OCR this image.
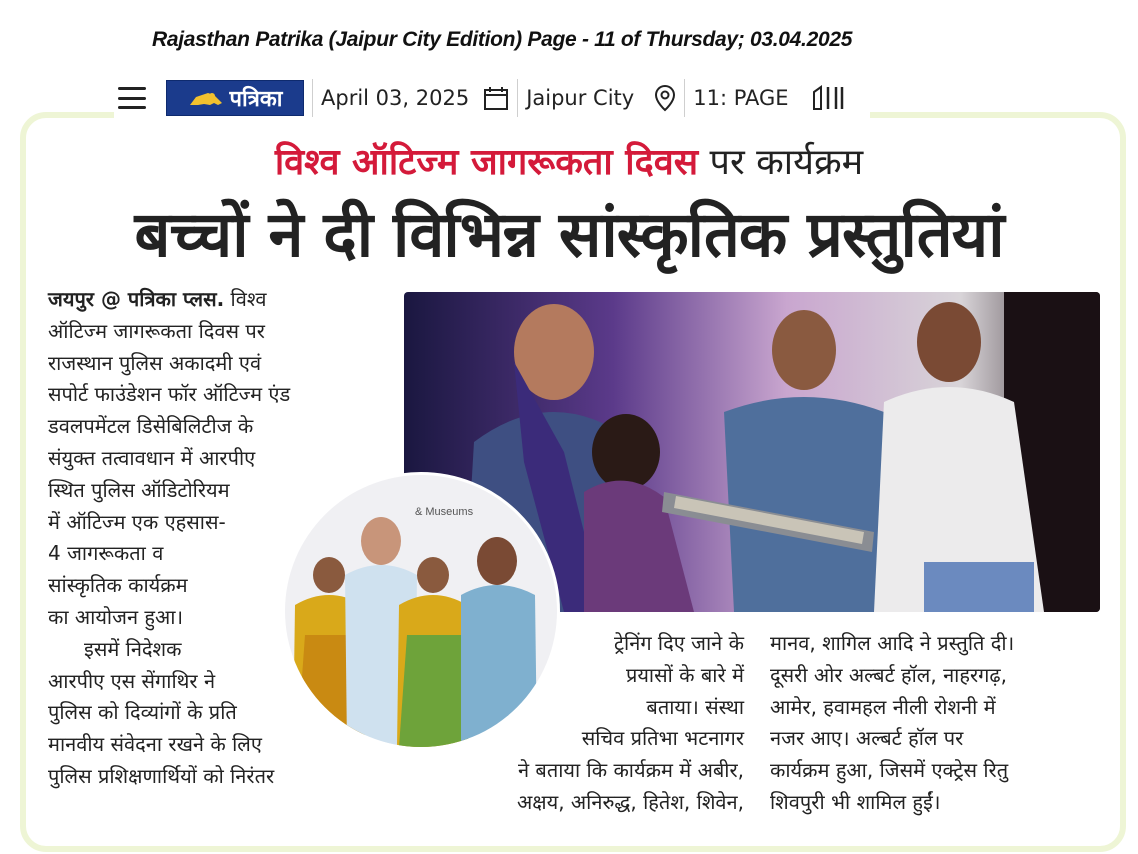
Rajasthan Patrika (Jaipur City Edition) Page - 11 of Thursday; 03.04.2025
पत्रिका April 03, 2025	Jaipur City	11: PAGE
विश्व ऑटिज्म जागरूकता दिवस पर कार्यक्रम
बच्चों ने दी विभिन्न सांस्कृतिक प्रस्तुतियां
जयपुर @ पत्रिका प्लस. विश्व
ऑटिज्म जागरूकता दिवस पर
राजस्थान पुलिस अकादमी एवं
सपोर्ट फाउंडेशन फॉर ऑटिज्म एंड
डवलपमेंटल डिसेबिलिटीज के
संयुक्त तत्वावधान में आरपीए
स्थित पुलिस ऑडिटोरियम
में ऑटिज्म एक एहसास-
4 जागरूकता व
सांस्कृतिक कार्यक्रम
का आयोजन हुआ।
इसमें निदेशक
आरपीए एस सेंगाथिर ने
पुलिस को दिव्यांगों के प्रति
मानवीय संवेदना रखने के लिए
पुलिस प्रशिक्षणार्थियों को निरंतर
& Museums
ट्रेनिंग दिए जाने के
प्रयासों के बारे में
बताया। संस्था
सचिव प्रतिभा भटनागर
ने बताया कि कार्यक्रम में अबीर,
अक्षय, अनिरुद्ध, हितेश, शिवेन,
मानव, शागिल आदि ने प्रस्तुति दी।
दूसरी ओर अल्बर्ट हॉल, नाहरगढ़,
आमेर, हवामहल नीली रोशनी में
नजर आए। अल्बर्ट हॉल पर
कार्यक्रम हुआ, जिसमें एक्ट्रेस रितु
शिवपुरी भी शामिल हुईं।
